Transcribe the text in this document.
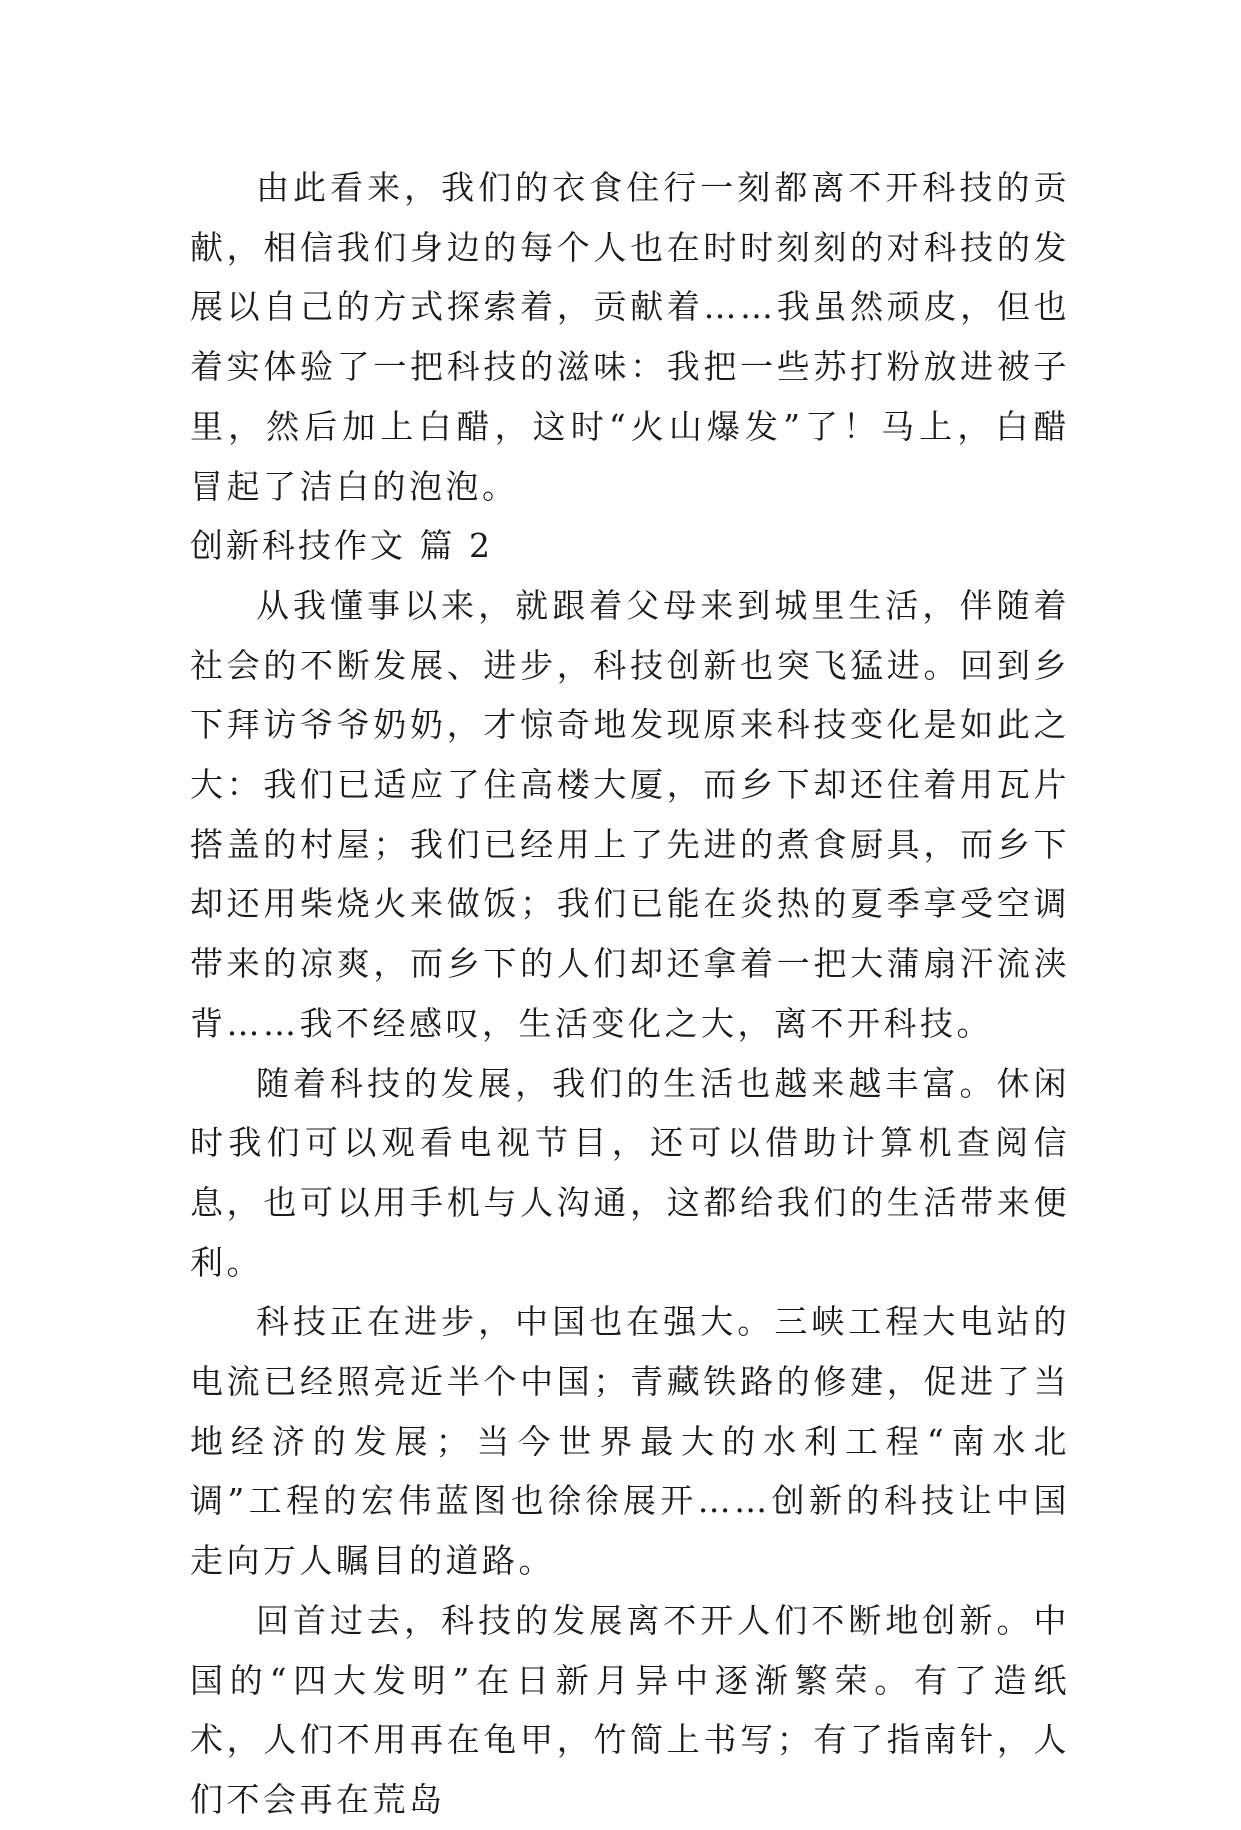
由此看来，我们的衣食住行一刻都离不开科技的贡献，相信我们身边的每个人也在时时刻刻的对科技的发展以自己的方式探索着，贡献着……我虽然顽皮，但也着实体验了一把科技的滋味：我把一些苏打粉放进被子里，然后加上白醋，这时“火山爆发”了！马上，白醋冒起了洁白的泡泡。

创新科技作文 篇 2

从我懂事以来，就跟着父母来到城里生活，伴随着社会的不断发展、进步，科技创新也突飞猛进。回到乡下拜访爷爷奶奶，才惊奇地发现原来科技变化是如此之大：我们已适应了住高楼大厦，而乡下却还住着用瓦片搭盖的村屋；我们已经用上了先进的煮食厨具，而乡下却还用柴烧火来做饭；我们已能在炎热的夏季享受空调带来的凉爽，而乡下的人们却还拿着一把大蒲扇汗流浃背……我不经感叹，生活变化之大，离不开科技。

随着科技的发展，我们的生活也越来越丰富。休闲时我们可以观看电视节目，还可以借助计算机查阅信息，也可以用手机与人沟通，这都给我们的生活带来便利。

科技正在进步，中国也在强大。三峡工程大电站的电流已经照亮近半个中国；青藏铁路的修建，促进了当地经济的发展；当今世界最大的水利工程“南水北调”工程的宏伟蓝图也徐徐展开……创新的科技让中国走向万人瞩目的道路。

回首过去，科技的发展离不开人们不断地创新。中国的“四大发明”在日新月异中逐渐繁荣。有了造纸术，人们不用再在龟甲，竹简上书写；有了指南针，人们不会再在荒岛
